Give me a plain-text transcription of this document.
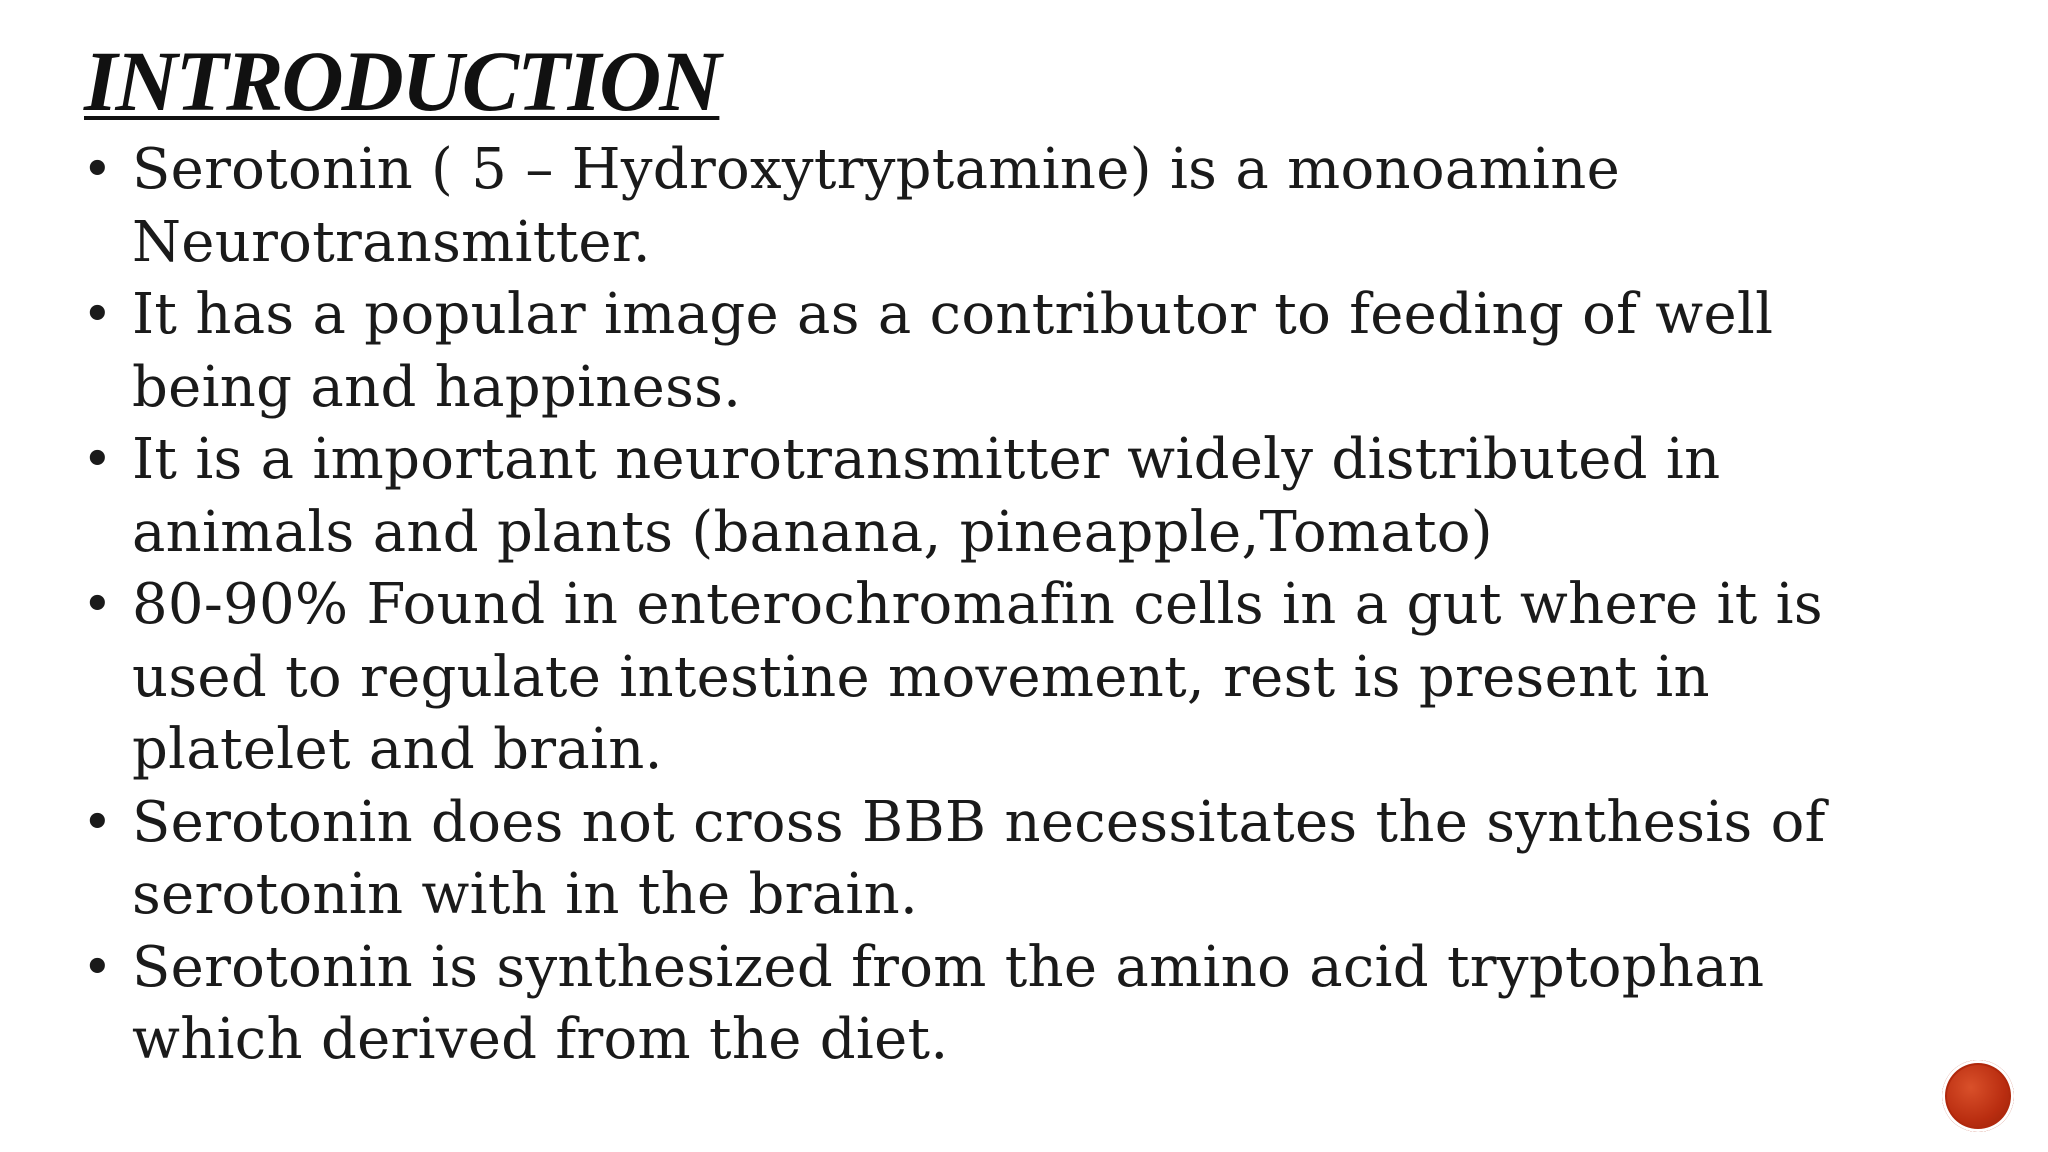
INTRODUCTION
• Serotonin ( 5 – Hydroxytryptamine) is a monoamine Neurotransmitter.
• It has a popular image as a contributor to feeding of well being and happiness.
• It is a important neurotransmitter widely distributed in animals and plants (banana, pineapple,Tomato)
• 80-90% Found in enterochromafin cells in a gut where it is used to regulate intestine movement, rest is present in platelet and brain.
• Serotonin does not cross BBB necessitates the synthesis of serotonin with in the brain.
• Serotonin is synthesized from the amino acid tryptophan which derived from the diet.
